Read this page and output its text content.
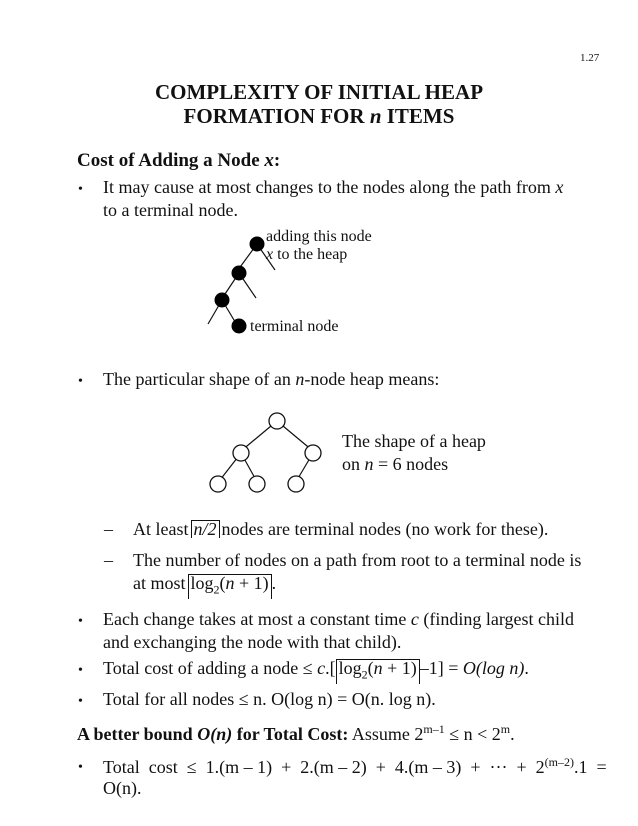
1.27
COMPLEXITY OF INITIAL HEAP
FORMATION FOR n ITEMS
Cost of Adding a Node x:
• It may cause at most changes to the nodes along the path from x
to a terminal node.
adding this node
x to the heap
terminal node
• The particular shape of an n-node heap means:
The shape of a heap
on n = 6 nodes
– At least n/2 nodes are terminal nodes (no work for these).
– The number of nodes on a path from root to a terminal node is
at most $\log_2(n + 1)$ .
• Each change takes at most a constant time c (finding largest child
and exchanging the node with that child).
• Total cost of adding a node ≤ c.[ $\log_2(n + 1) -1] = O(\log$ n).
• Total for all nodes ≤ n. O(log n) = O(n. log n).
A better bound O(n) for Total Cost: Assume $2^{m-1} \le n < 2^m$.
• Total  cost  ≤  1.(m – 1)  +  2.(m – 2)  +  4.(m – 3)  +  ···  +  2$^{(m-2)}$.1  =
O(n).
